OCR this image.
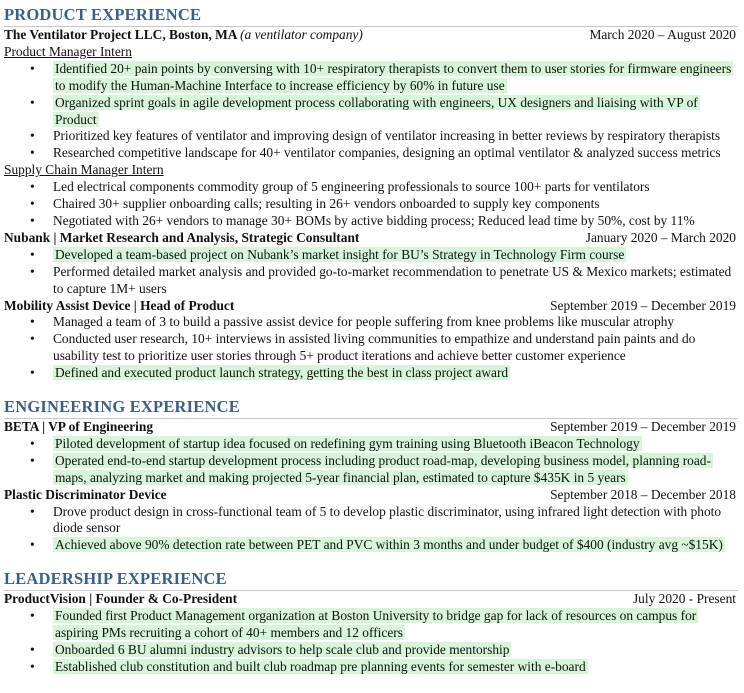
PRODUCT EXPERIENCE
The Ventilator Project LLC, Boston, MA (a ventilator company)	March 2020 – August 2020
Product Manager Intern
• Identified 20+ pain points by conversing with 10+ respiratory therapists to convert them to user stories for firmware engineers to modify the Human-Machine Interface to increase efficiency by 60% in future use
• Organized sprint goals in agile development process collaborating with engineers, UX designers and liaising with VP of Product
• Prioritized key features of ventilator and improving design of ventilator increasing in better reviews by respiratory therapists
• Researched competitive landscape for 40+ ventilator companies, designing an optimal ventilator & analyzed success metrics
Supply Chain Manager Intern
• Led electrical components commodity group of 5 engineering professionals to source 100+ parts for ventilators
• Chaired 30+ supplier onboarding calls; resulting in 26+ vendors onboarded to supply key components
• Negotiated with 26+ vendors to manage 30+ BOMs by active bidding process; Reduced lead time by 50%, cost by 11%
Nubank | Market Research and Analysis, Strategic Consultant	January 2020 – March 2020
• Developed a team-based project on Nubank’s market insight for BU’s Strategy in Technology Firm course
• Performed detailed market analysis and provided go-to-market recommendation to penetrate US & Mexico markets; estimated to capture 1M+ users
Mobility Assist Device | Head of Product	September 2019 – December 2019
• Managed a team of 3 to build a passive assist device for people suffering from knee problems like muscular atrophy
• Conducted user research, 10+ interviews in assisted living communities to empathize and understand pain paints and do usability test to prioritize user stories through 5+ product iterations and achieve better customer experience
• Defined and executed product launch strategy, getting the best in class project award
ENGINEERING EXPERIENCE
BETA | VP of Engineering	September 2019 – December 2019
• Piloted development of startup idea focused on redefining gym training using Bluetooth iBeacon Technology
• Operated end-to-end startup development process including product road-map, developing business model, planning road-maps, analyzing market and making projected 5-year financial plan, estimated to capture $435K in 5 years
Plastic Discriminator Device	September 2018 – December 2018
• Drove product design in cross-functional team of 5 to develop plastic discriminator, using infrared light detection with photo diode sensor
• Achieved above 90% detection rate between PET and PVC within 3 months and under budget of $400 (industry avg ~$15K)
LEADERSHIP EXPERIENCE
ProductVision | Founder & Co-President	July 2020 - Present
• Founded first Product Management organization at Boston University to bridge gap for lack of resources on campus for aspiring PMs recruiting a cohort of 40+ members and 12 officers
• Onboarded 6 BU alumni industry advisors to help scale club and provide mentorship
• Established club constitution and built club roadmap pre planning events for semester with e-board
